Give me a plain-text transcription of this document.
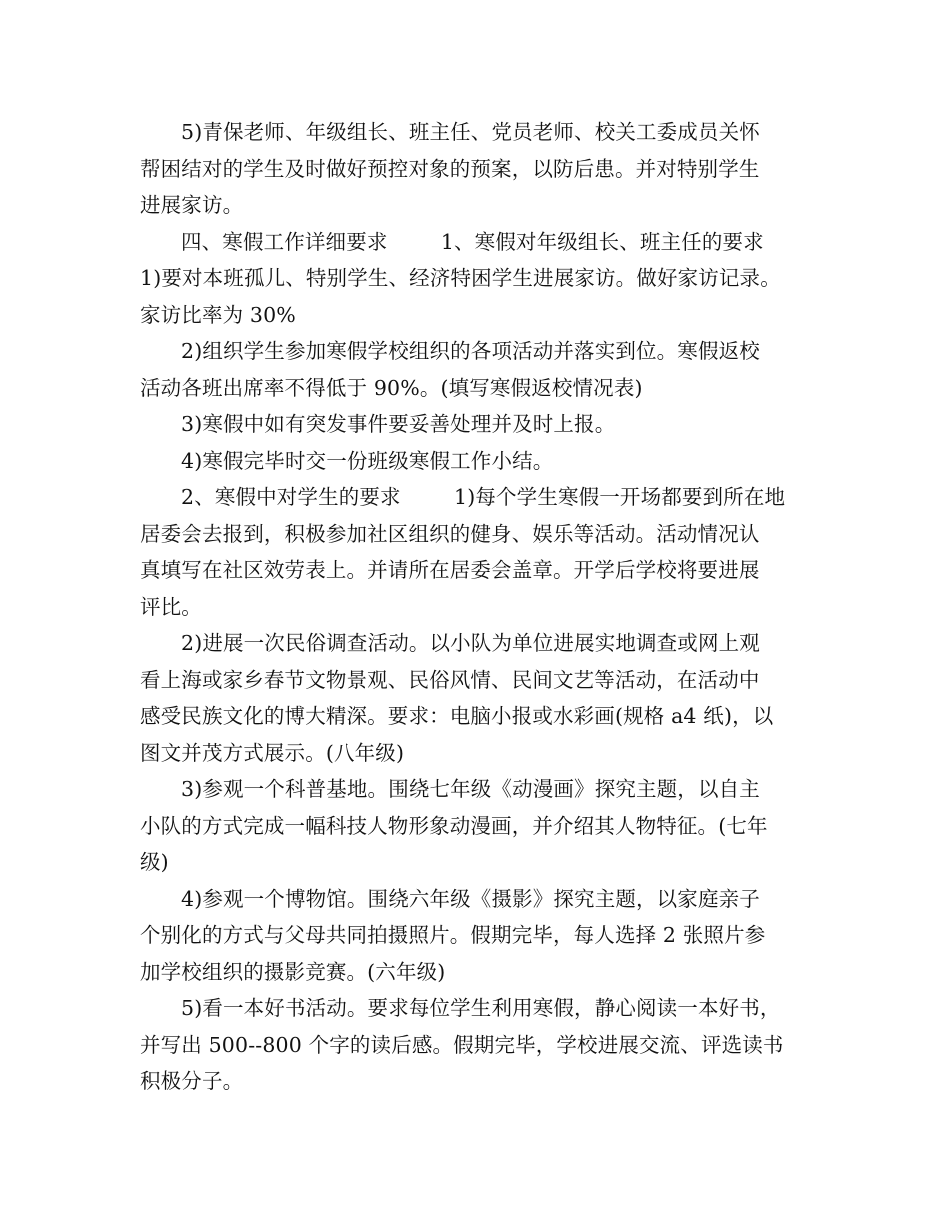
5)青保老师、年级组长、班主任、党员老师、校关工委成员关怀
帮困结对的学生及时做好预控对象的预案，以防后患。并对特别学生
进展家访。
四、寒假工作详细要求        1、寒假对年级组长、班主任的要求
1)要对本班孤儿、特别学生、经济特困学生进展家访。做好家访记录。
家访比率为 30%
2)组织学生参加寒假学校组织的各项活动并落实到位。寒假返校
活动各班出席率不得低于 90%。(填写寒假返校情况表)
3)寒假中如有突发事件要妥善处理并及时上报。
4)寒假完毕时交一份班级寒假工作小结。
2、寒假中对学生的要求        1)每个学生寒假一开场都要到所在地
居委会去报到，积极参加社区组织的健身、娱乐等活动。活动情况认
真填写在社区效劳表上。并请所在居委会盖章。开学后学校将要进展
评比。
2)进展一次民俗调查活动。以小队为单位进展实地调查或网上观
看上海或家乡春节文物景观、民俗风情、民间文艺等活动，在活动中
感受民族文化的博大精深。要求：电脑小报或水彩画(规格 a4 纸)，以
图文并茂方式展示。(八年级)
3)参观一个科普基地。围绕七年级《动漫画》探究主题，以自主
小队的方式完成一幅科技人物形象动漫画，并介绍其人物特征。(七年
级)
4)参观一个博物馆。围绕六年级《摄影》探究主题，以家庭亲子
个别化的方式与父母共同拍摄照片。假期完毕，每人选择 2 张照片参
加学校组织的摄影竞赛。(六年级)
5)看一本好书活动。要求每位学生利用寒假，静心阅读一本好书，
并写出 500--800 个字的读后感。假期完毕，学校进展交流、评选读书
积极分子。
